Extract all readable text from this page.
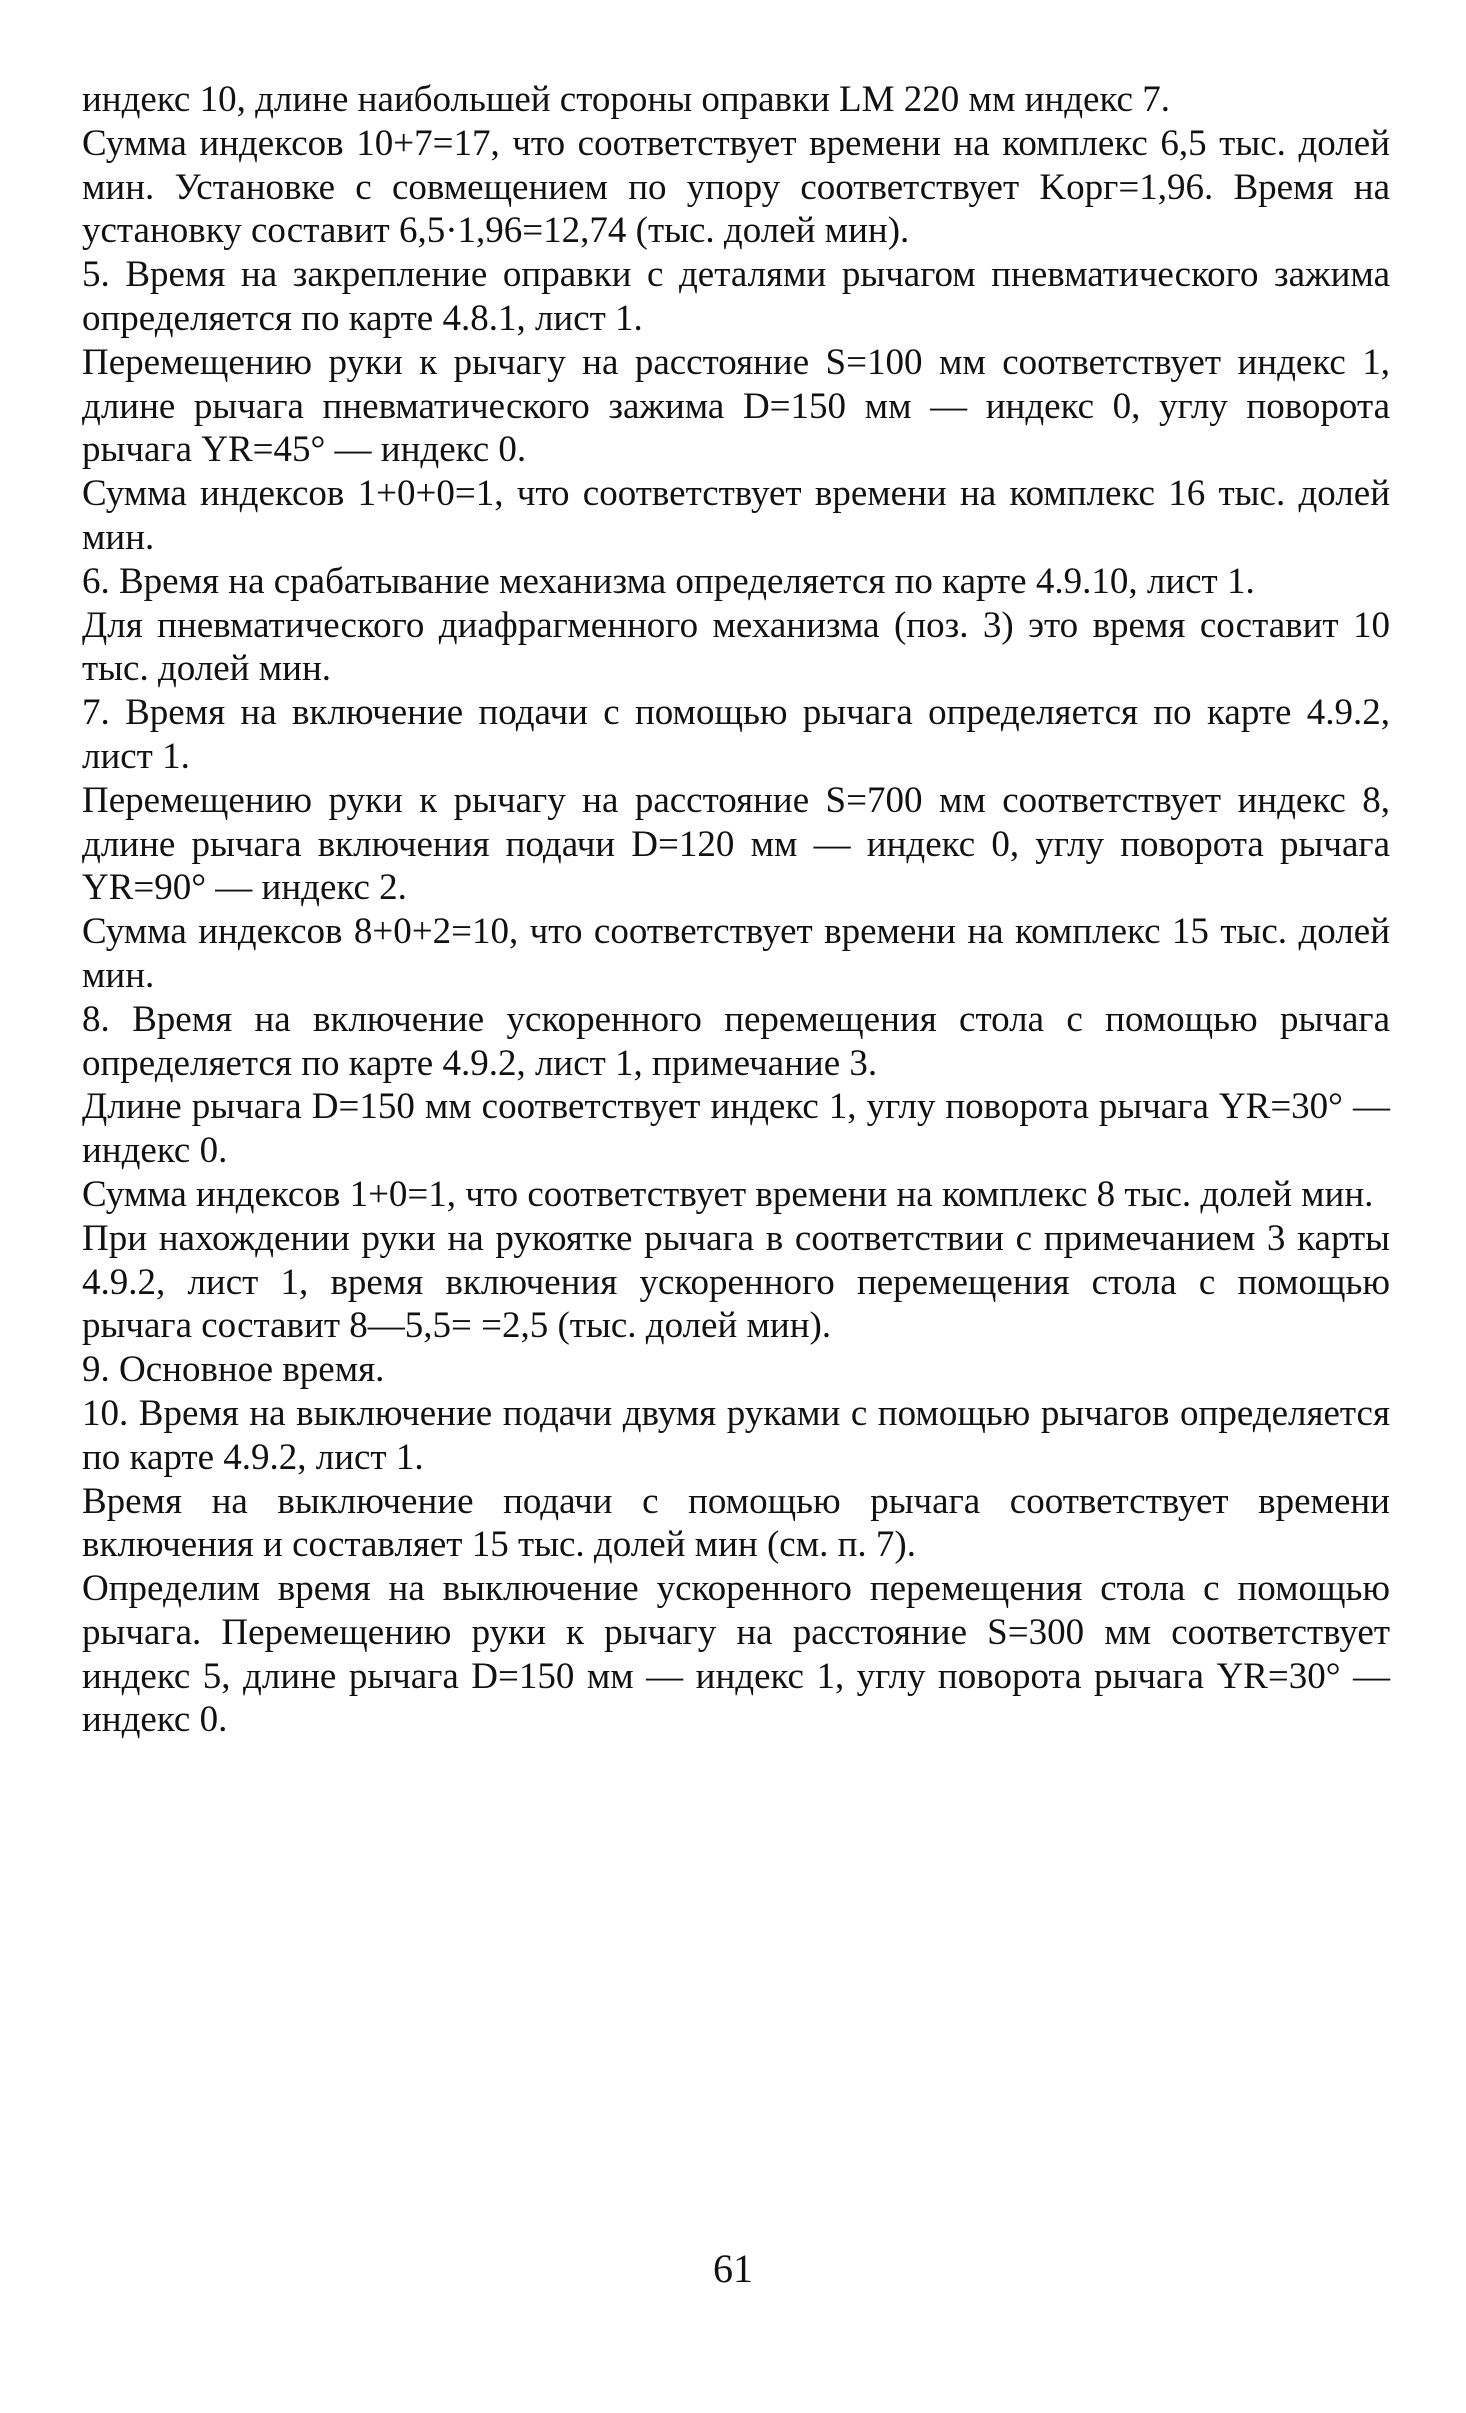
индекс 10, длине наибольшей стороны оправки LM 220 мм индекс 7.

Сумма индексов 10+7=17, что соответствует времени на комплекс 6,5 тыс. долей мин. Установке с совмещением по упору соответствует Kорг=1,96. Время на установку составит 6,5·1,96=12,74 (тыс. долей мин).

5. Время на закрепление оправки с деталями рычагом пневматического зажима определяется по карте 4.8.1, лист 1.

Перемещению руки к рычагу на расстояние S=100 мм соответствует индекс 1, длине рычага пневматического зажима D=150 мм — индекс 0, углу поворота рычага YR=45° — индекс 0.

Сумма индексов 1+0+0=1, что соответствует времени на комплекс 16 тыс. долей мин.

6. Время на срабатывание механизма определяется по карте 4.9.10, лист 1.

Для пневматического диафрагменного механизма (поз. 3) это время составит 10 тыс. долей мин.

7. Время на включение подачи с помощью рычага определяется по карте 4.9.2, лист 1.

Перемещению руки к рычагу на расстояние S=700 мм соответствует индекс 8, длине рычага включения подачи D=120 мм — индекс 0, углу поворота рычага YR=90° — индекс 2.

Сумма индексов 8+0+2=10, что соответствует времени на комплекс 15 тыс. долей мин.

8. Время на включение ускоренного перемещения стола с помощью рычага определяется по карте 4.9.2, лист 1, примечание 3.

Длине рычага D=150 мм соответствует индекс 1, углу поворота рычага YR=30° — индекс 0.

Сумма индексов 1+0=1, что соответствует времени на комплекс 8 тыс. долей мин.

При нахождении руки на рукоятке рычага в соответствии с примечанием 3 карты 4.9.2, лист 1, время включения ускоренного перемещения стола с помощью рычага составит 8—5,5= =2,5 (тыс. долей мин).

9. Основное время.

10. Время на выключение подачи двумя руками с помощью рычагов определяется по карте 4.9.2, лист 1.

Время на выключение подачи с помощью рычага соответствует времени включения и составляет 15 тыс. долей мин (см. п. 7).

Определим время на выключение ускоренного перемещения стола с помощью рычага. Перемещению руки к рычагу на расстояние S=300 мм соответствует индекс 5, длине рычага D=150 мм — индекс 1, углу поворота рычага YR=30° — индекс 0.

61
